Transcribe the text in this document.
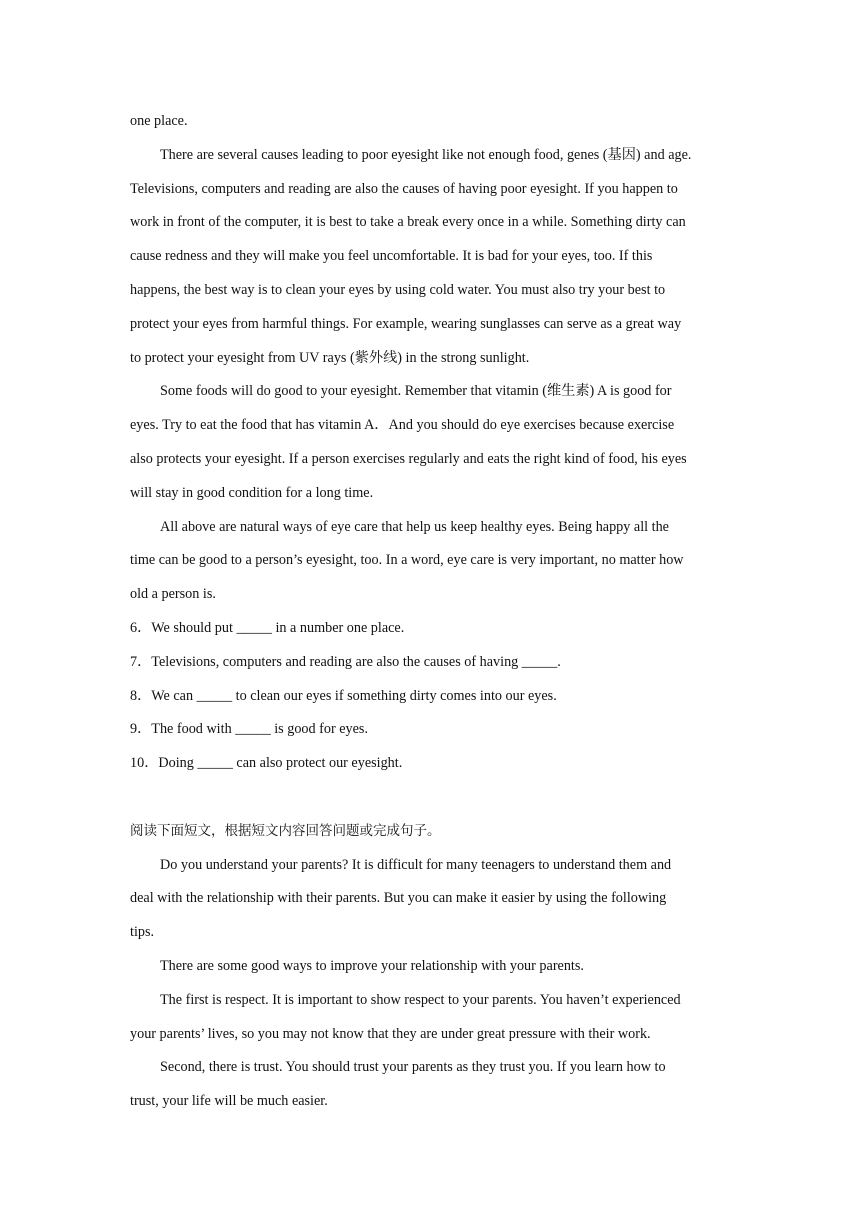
one place.
There are several causes leading to poor eyesight like not enough food, genes (基因) and age.
Televisions, computers and reading are also the causes of having poor eyesight. If you happen to
work in front of the computer, it is best to take a break every once in a while. Something dirty can
cause redness and they will make you feel uncomfortable. It is bad for your eyes, too. If this
happens, the best way is to clean your eyes by using cold water. You must also try your best to
protect your eyes from harmful things. For example, wearing sunglasses can serve as a great way
to protect your eyesight from UV rays (紫外线) in the strong sunlight.
Some foods will do good to your eyesight. Remember that vitamin (维生素) A is good for
eyes. Try to eat the food that has vitamin A．And you should do eye exercises because exercise
also protects your eyesight. If a person exercises regularly and eats the right kind of food, his eyes
will stay in good condition for a long time.
All above are natural ways of eye care that help us keep healthy eyes. Being happy all the
time can be good to a person’s eyesight, too. In a word, eye care is very important, no matter how
old a person is.
6．We should put _____ in a number one place.
7．Televisions, computers and reading are also the causes of having _____.
8．We can _____ to clean our eyes if something dirty comes into our eyes.
9．The food with _____ is good for eyes.
10．Doing _____ can also protect our eyesight.
阅读下面短文，根据短文内容回答问题或完成句子。
Do you understand your parents? It is difficult for many teenagers to understand them and
deal with the relationship with their parents. But you can make it easier by using the following
tips.
There are some good ways to improve your relationship with your parents.
The first is respect. It is important to show respect to your parents. You haven’t experienced
your parents’ lives, so you may not know that they are under great pressure with their work.
Second, there is trust. You should trust your parents as they trust you. If you learn how to
trust, your life will be much easier.
